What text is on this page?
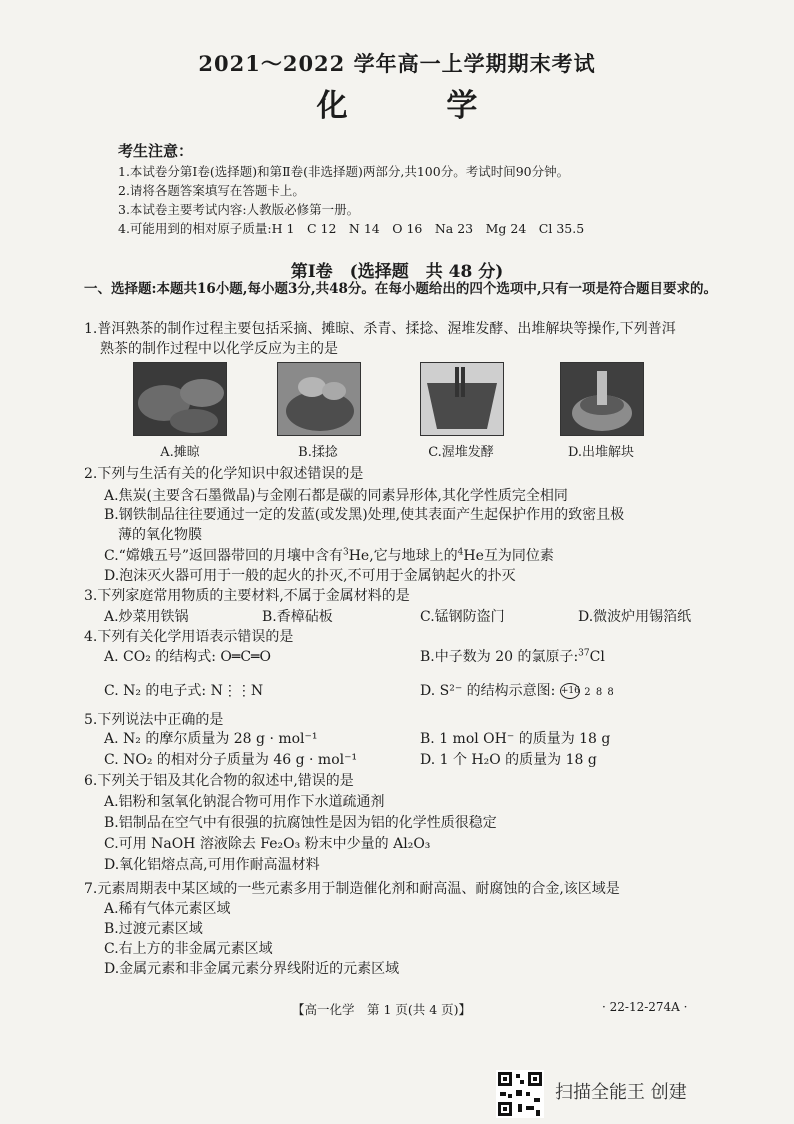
2021～2022 学年高一上学期期末考试
化 学
考生注意：
1.本试卷分第Ⅰ卷(选择题)和第Ⅱ卷(非选择题)两部分,共100分。考试时间90分钟。
2.请将各题答案填写在答题卡上。
3.本试卷主要考试内容:人教版必修第一册。
4.可能用到的相对原子质量:H 1　C 12　N 14　O 16　Na 23　Mg 24　Cl 35.5
第Ⅰ卷　(选择题　共 48 分)
一、选择题:本题共16小题,每小题3分,共48分。在每小题给出的四个选项中,只有一项是符合题目要求的。
1.普洱熟茶的制作过程主要包括采摘、摊晾、杀青、揉捻、渥堆发酵、出堆解块等操作,下列普洱
熟茶的制作过程中以化学反应为主的是
A.摊晾	B.揉捻	C.渥堆发酵	D.出堆解块
2.下列与生活有关的化学知识中叙述错误的是
A.焦炭(主要含石墨微晶)与金刚石都是碳的同素异形体,其化学性质完全相同
B.钢铁制品往往要通过一定的发蓝(或发黑)处理,使其表面产生起保护作用的致密且极
薄的氧化物膜
C.“嫦娥五号”返回器带回的月壤中含有$^3$He,它与地球上的$^4$He互为同位素
D.泡沫灭火器可用于一般的起火的扑灭,不可用于金属钠起火的扑灭
3.下列家庭常用物质的主要材料,不属于金属材料的是
A.炒菜用铁锅	B.香樟砧板	C.锰钢防盗门	D.微波炉用锡箔纸
4.下列有关化学用语表示错误的是
A. CO₂ 的结构式: O═C═O	B.中子数为 20 的氯原子:$^{37}$Cl
C. N₂ 的电子式: N⋮⋮N	D. S²⁻ 的结构示意图: +16 2 8 8
5.下列说法中正确的是
A. N₂ 的摩尔质量为 28 g · mol⁻¹	B. 1 mol OH⁻ 的质量为 18 g
C. NO₂ 的相对分子质量为 46 g · mol⁻¹	D. 1 个 H₂O 的质量为 18 g
6.下列关于铝及其化合物的叙述中,错误的是
A.铝粉和氢氧化钠混合物可用作下水道疏通剂
B.铝制品在空气中有很强的抗腐蚀性是因为铝的化学性质很稳定
C.可用 NaOH 溶液除去 Fe₂O₃ 粉末中少量的 Al₂O₃
D.氧化铝熔点高,可用作耐高温材料
7.元素周期表中某区域的一些元素多用于制造催化剂和耐高温、耐腐蚀的合金,该区域是
A.稀有气体元素区域
B.过渡元素区域
C.右上方的非金属元素区域
D.金属元素和非金属元素分界线附近的元素区域
【高一化学　第 1 页(共 4 页)】	· 22-12-274A ·
扫描全能王 创建
